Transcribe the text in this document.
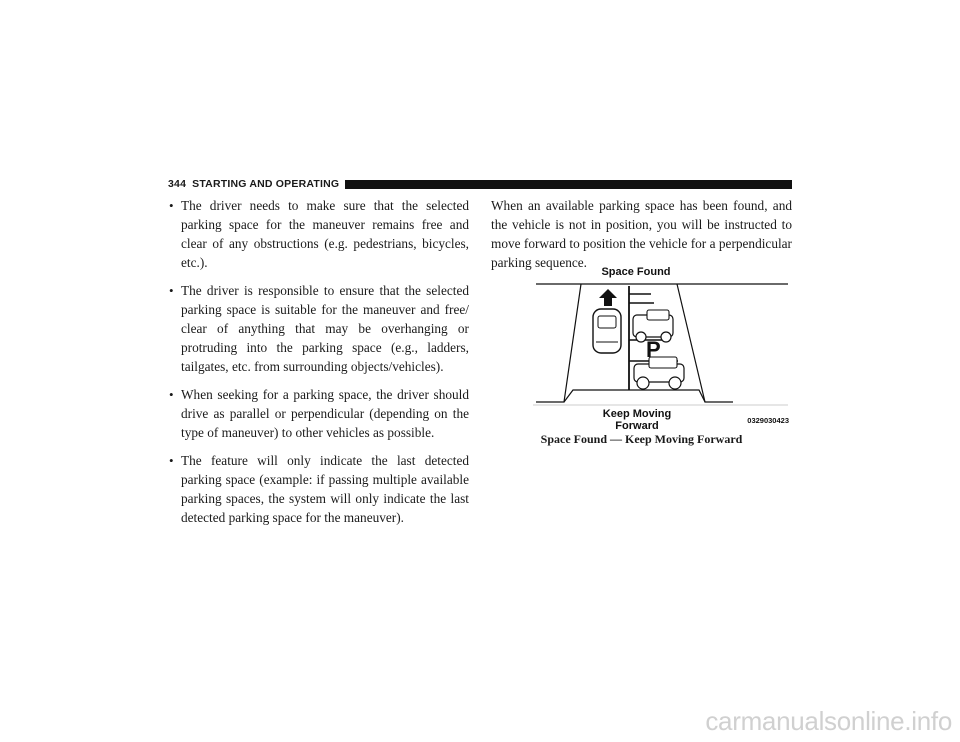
344 STARTING AND OPERATING
• The driver needs to make sure that the selected parking space for the maneuver remains free and clear of any obstructions (e.g. pedestrians, bicycles, etc.).
• The driver is responsible to ensure that the selected parking space is suitable for the maneuver and free/ clear of anything that may be overhanging or protruding into the parking space (e.g., ladders, tailgates, etc. from surrounding objects/vehicles).
• When seeking for a parking space, the driver should drive as parallel or perpendicular (depending on the type of maneuver) to other vehicles as possible.
• The feature will only indicate the last detected parking space (example: if passing multiple available parking spaces, the system will only indicate the last detected parking space for the maneuver).

When an available parking space has been found, and the vehicle is not in position, you will be instructed to move forward to position the vehicle for a perpendicular parking sequence.

Space Found
P
Keep Moving
Forward	0329030423
Space Found — Keep Moving Forward
carmanualsonline.info
